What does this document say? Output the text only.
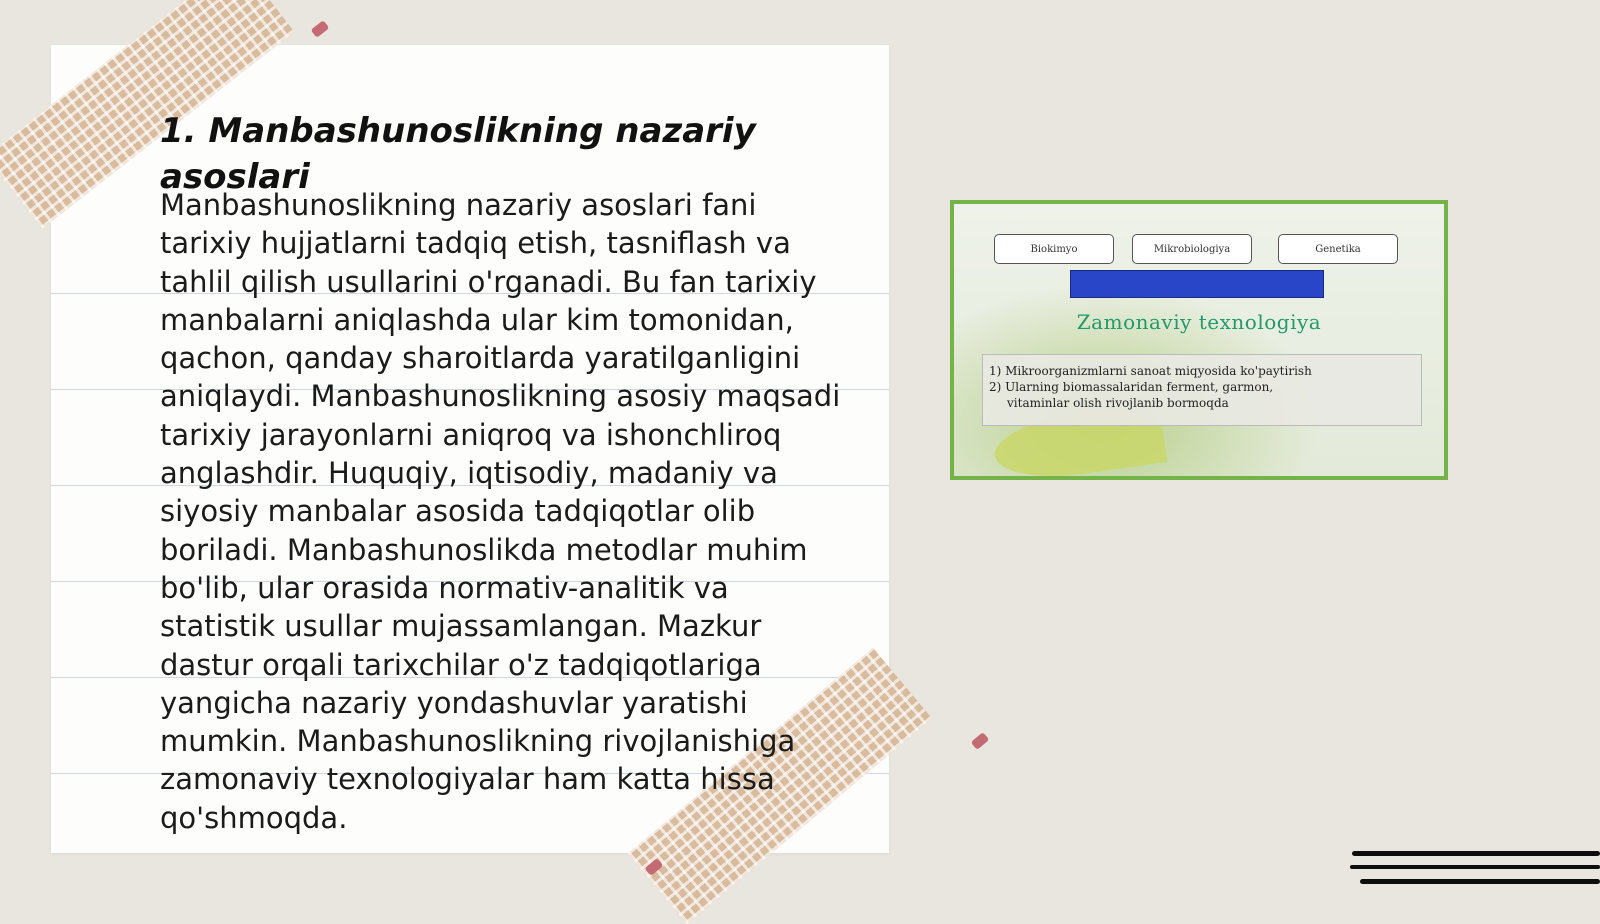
1. Manbashunoslikning nazariy asoslari

Manbashunoslikning nazariy asoslari fani tarixiy hujjatlarni tadqiq etish, tasniflash va tahlil qilish usullarini o'rganadi. Bu fan tarixiy manbalarni aniqlashda ular kim tomonidan, qachon, qanday sharoitlarda yaratilganligini aniqlaydi. Manbashunoslikning asosiy maqsadi tarixiy jarayonlarni aniqroq va ishonchliroq anglashdir. Huquqiy, iqtisodiy, madaniy va siyosiy manbalar asosida tadqiqotlar olib boriladi. Manbashunoslikda metodlar muhim bo'lib, ular orasida normativ-analitik va statistik usullar mujassamlangan. Mazkur dastur orqali tarixchilar o'z tadqiqotlariga yangicha nazariy yondashuvlar yaratishi mumkin. Manbashunoslikning rivojlanishiga zamonaviy texnologiyalar ham katta hissa qo'shmoqda.

Biokimyo	Mikrobiologiya	Genetika
Zamonaviy texnologiya

1) Mikroorganizmlarni sanoat miqyosida ko'paytirish

2) Ularning biomassalaridan ferment, garmon,

vitaminlar olish rivojlanib bormoqda
